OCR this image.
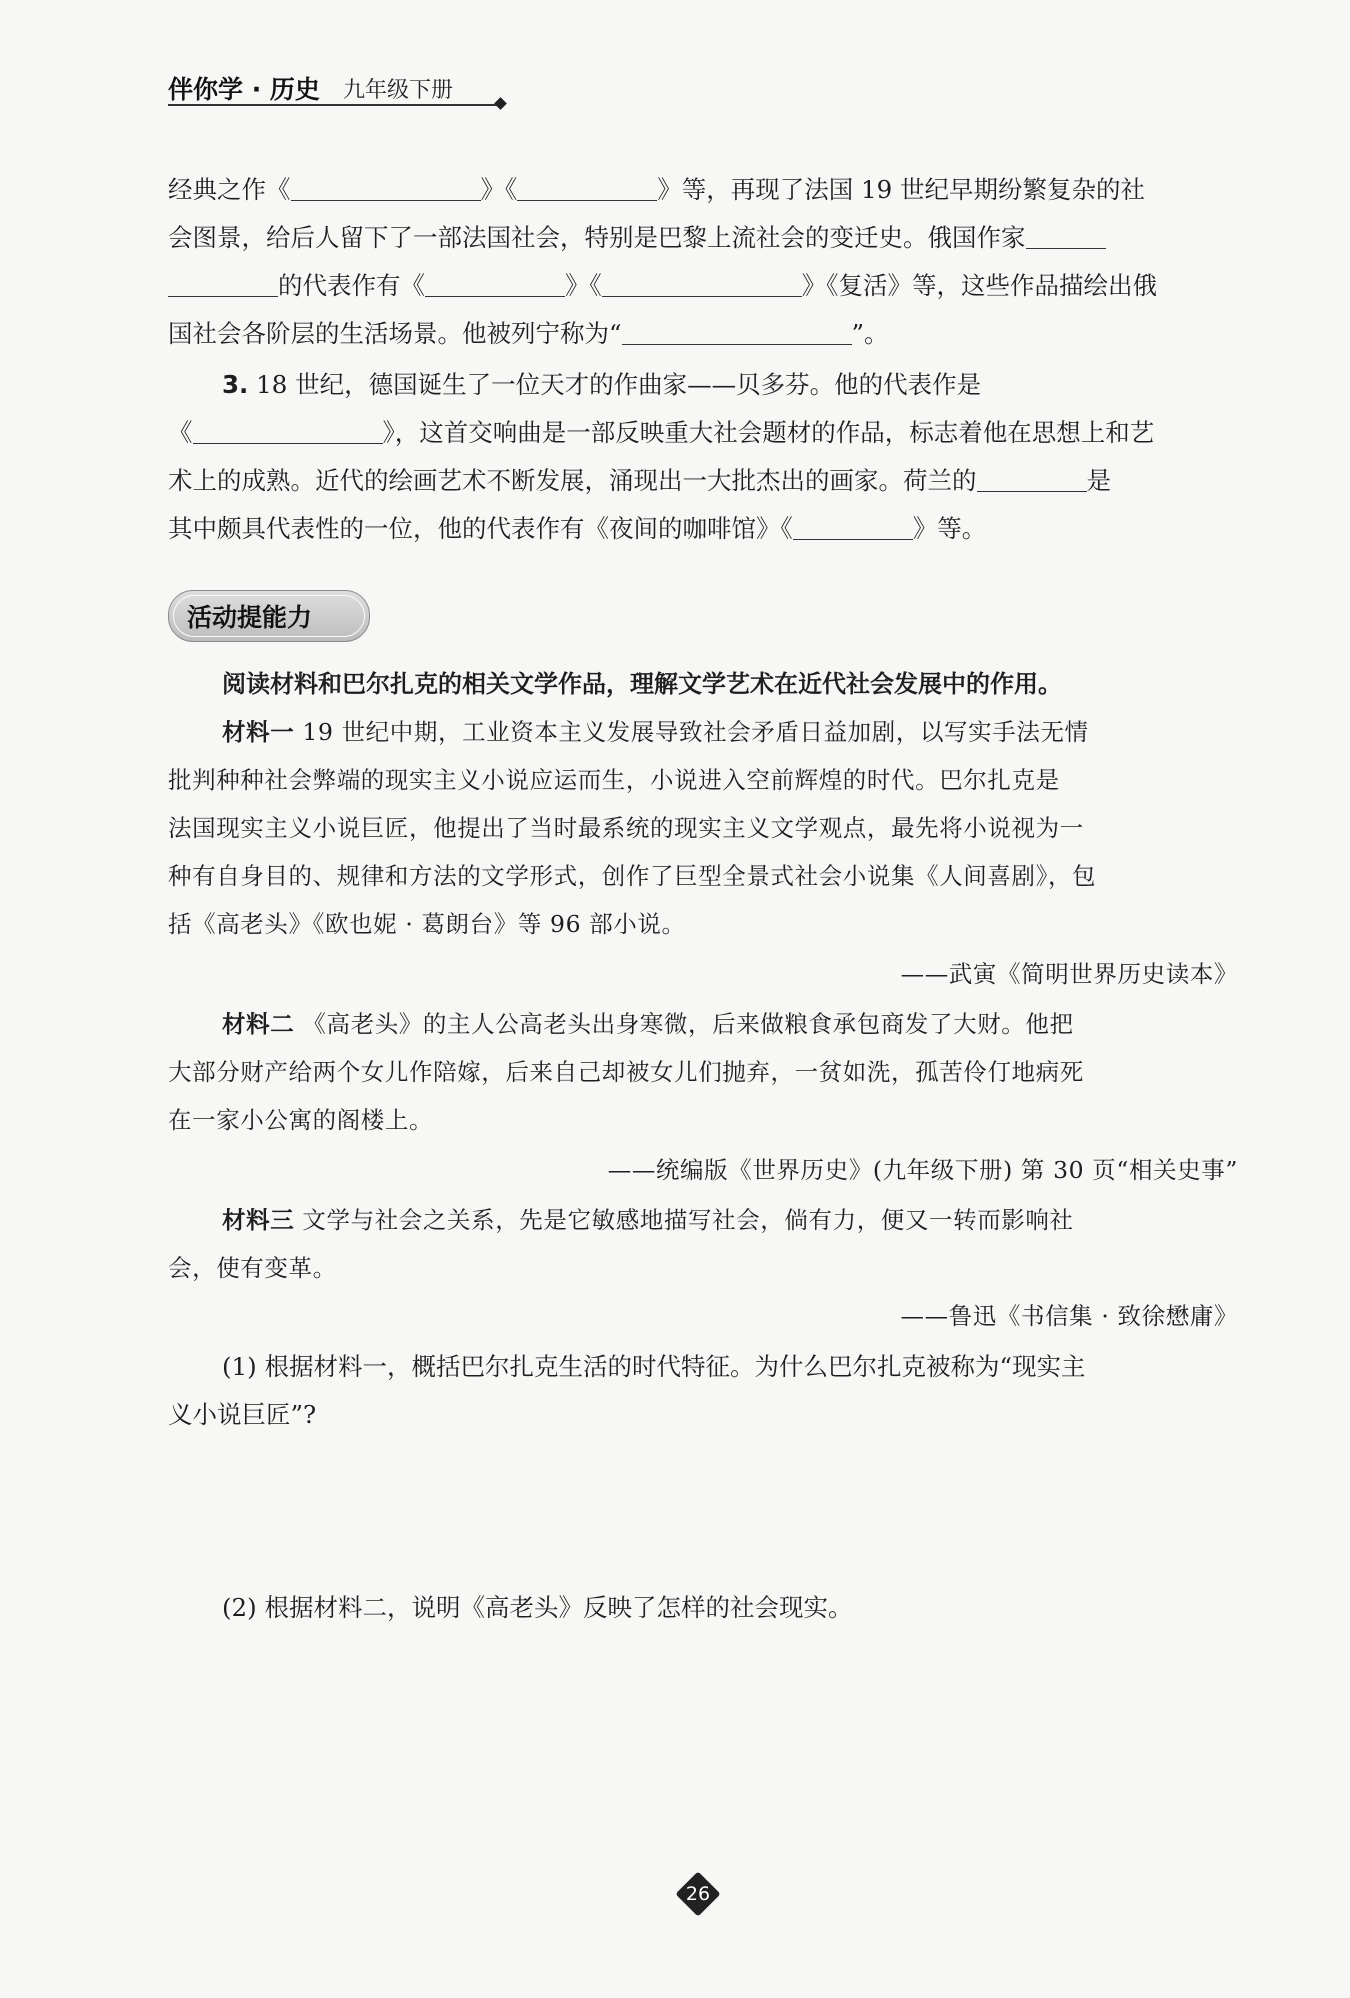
伴你学 · 历史 九年级下册
经典之作《	》《	》等，再现了法国 19 世纪早期纷繁复杂的社
会图景，给后人留下了一部法国社会，特别是巴黎上流社会的变迁史。俄国作家
的代表作有《	》《	》《复活》等，这些作品描绘出俄
国社会各阶层的生活场景。他被列宁称为“	”。
3. 18 世纪，德国诞生了一位天才的作曲家——贝多芬。他的代表作是
《	》，这首交响曲是一部反映重大社会题材的作品，标志着他在思想上和艺
术上的成熟。近代的绘画艺术不断发展，涌现出一大批杰出的画家。荷兰的	是
其中颇具代表性的一位，他的代表作有《夜间的咖啡馆》《	》等。
活动提能力
阅读材料和巴尔扎克的相关文学作品，理解文学艺术在近代社会发展中的作用。
材料一 19 世纪中期，工业资本主义发展导致社会矛盾日益加剧，以写实手法无情
批判种种社会弊端的现实主义小说应运而生，小说进入空前辉煌的时代。巴尔扎克是
法国现实主义小说巨匠，他提出了当时最系统的现实主义文学观点，最先将小说视为一
种有自身目的、规律和方法的文学形式，创作了巨型全景式社会小说集《人间喜剧》，包
括《高老头》《欧也妮 · 葛朗台》等 96 部小说。
——武寅《简明世界历史读本》
材料二 《高老头》的主人公高老头出身寒微，后来做粮食承包商发了大财。他把
大部分财产给两个女儿作陪嫁，后来自己却被女儿们抛弃，一贫如洗，孤苦伶仃地病死
在一家小公寓的阁楼上。
——统编版《世界历史》(九年级下册) 第 30 页“相关史事”
材料三 文学与社会之关系，先是它敏感地描写社会，倘有力，便又一转而影响社
会，使有变革。
——鲁迅《书信集 · 致徐懋庸》
(1) 根据材料一，概括巴尔扎克生活的时代特征。为什么巴尔扎克被称为“现实主
义小说巨匠”?
(2) 根据材料二，说明《高老头》反映了怎样的社会现实。
26
